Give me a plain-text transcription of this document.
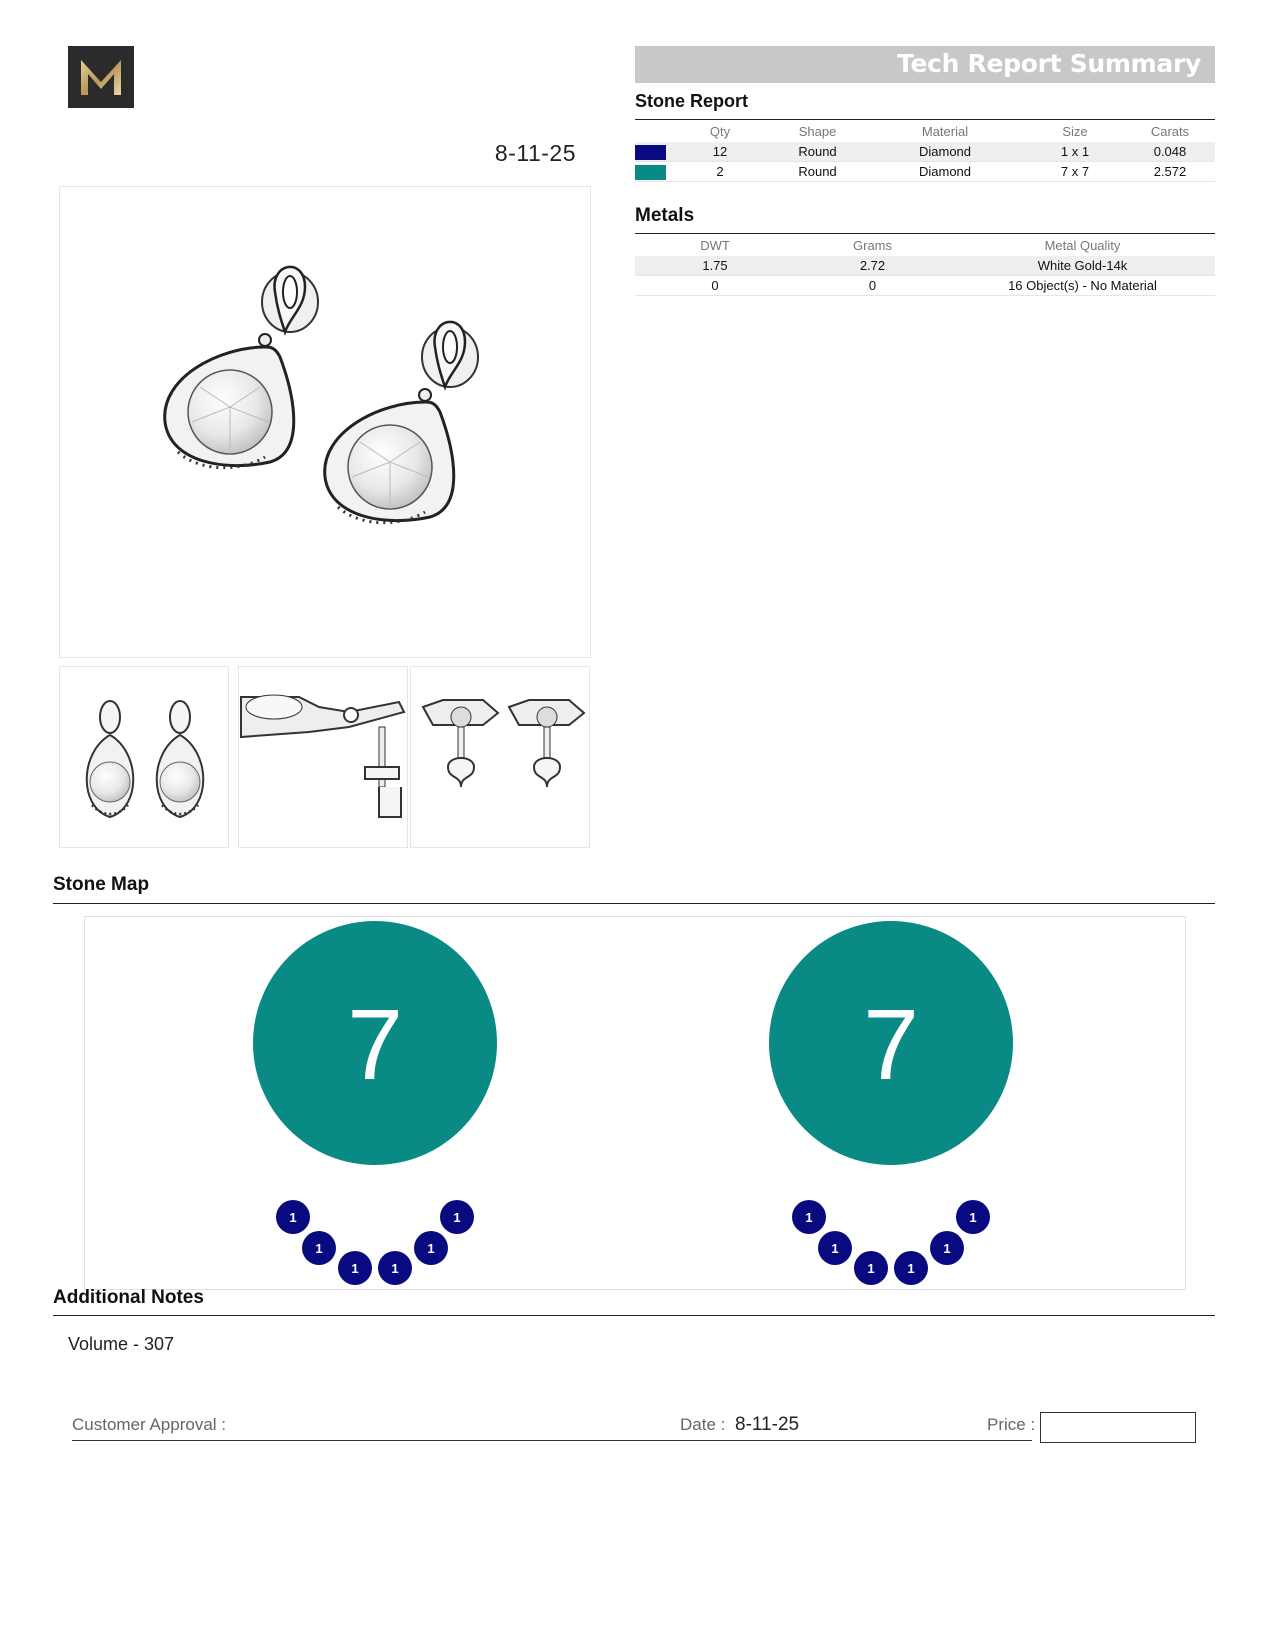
8-11-25
Tech Report Summary
Stone Report
	Qty	Shape	Material	Size	Carats
	12	Round	Diamond	1 x 1	0.048
	2	Round	Diamond	7 x 7	2.572
Metals
DWT	Grams	Metal Quality
1.75	2.72	White Gold-14k
0	0	16 Object(s) - No Material
Stone Map
7
1
1
1	1
1
1
7
1
1
1	1
1
1
Additional Notes
Volume - 307
Customer Approval :	Date : 8-11-25	Price :
